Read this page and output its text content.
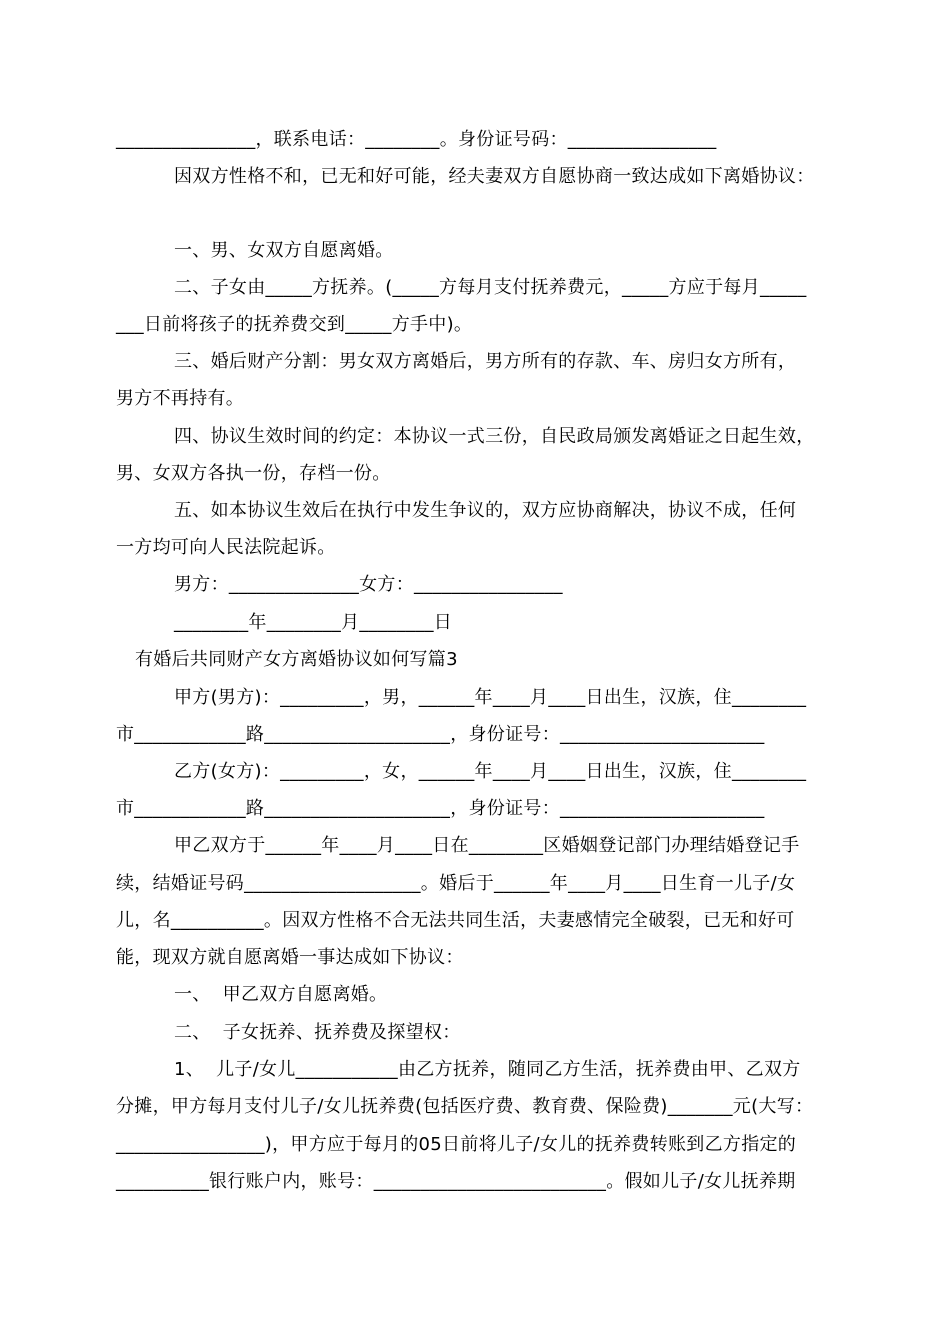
_______________，联系电话：________。身份证号码：________________
因双方性格不和，已无和好可能，经夫妻双方自愿协商一致达成如下离婚协议：
一、男、女双方自愿离婚。
二、子女由_____方抚养。(_____方每月支付抚养费元，_____方应于每月_____
___日前将孩子的抚养费交到_____方手中)。
三、婚后财产分割：男女双方离婚后，男方所有的存款、车、房归女方所有，
男方不再持有。
四、协议生效时间的约定：本协议一式三份，自民政局颁发离婚证之日起生效，
男、女双方各执一份，存档一份。
五、如本协议生效后在执行中发生争议的，双方应协商解决，协议不成，任何
一方均可向人民法院起诉。
男方：______________女方：________________
________年________月________日
有婚后共同财产女方离婚协议如何写篇3
甲方(男方)：_________，男，______年____月____日出生，汉族，住________
市____________路____________________，身份证号：______________________
乙方(女方)：_________，女，______年____月____日出生，汉族，住________
市____________路____________________，身份证号：______________________
甲乙双方于______年____月____日在________区婚姻登记部门办理结婚登记手
续，结婚证号码___________________。婚后于______年____月____日生育一儿子/女
儿，名__________。因双方性格不合无法共同生活，夫妻感情完全破裂，已无和好可
能，现双方就自愿离婚一事达成如下协议：
一、  甲乙双方自愿离婚。
二、  子女抚养、抚养费及探望权：
1、  儿子/女儿___________由乙方抚养，随同乙方生活，抚养费由甲、乙双方
分摊，甲方每月支付儿子/女儿抚养费(包括医疗费、教育费、保险费)_______元(大写：
________________)，甲方应于每月的05日前将儿子/女儿的抚养费转账到乙方指定的
__________银行账户内，账号：_________________________。假如儿子/女儿抚养期
